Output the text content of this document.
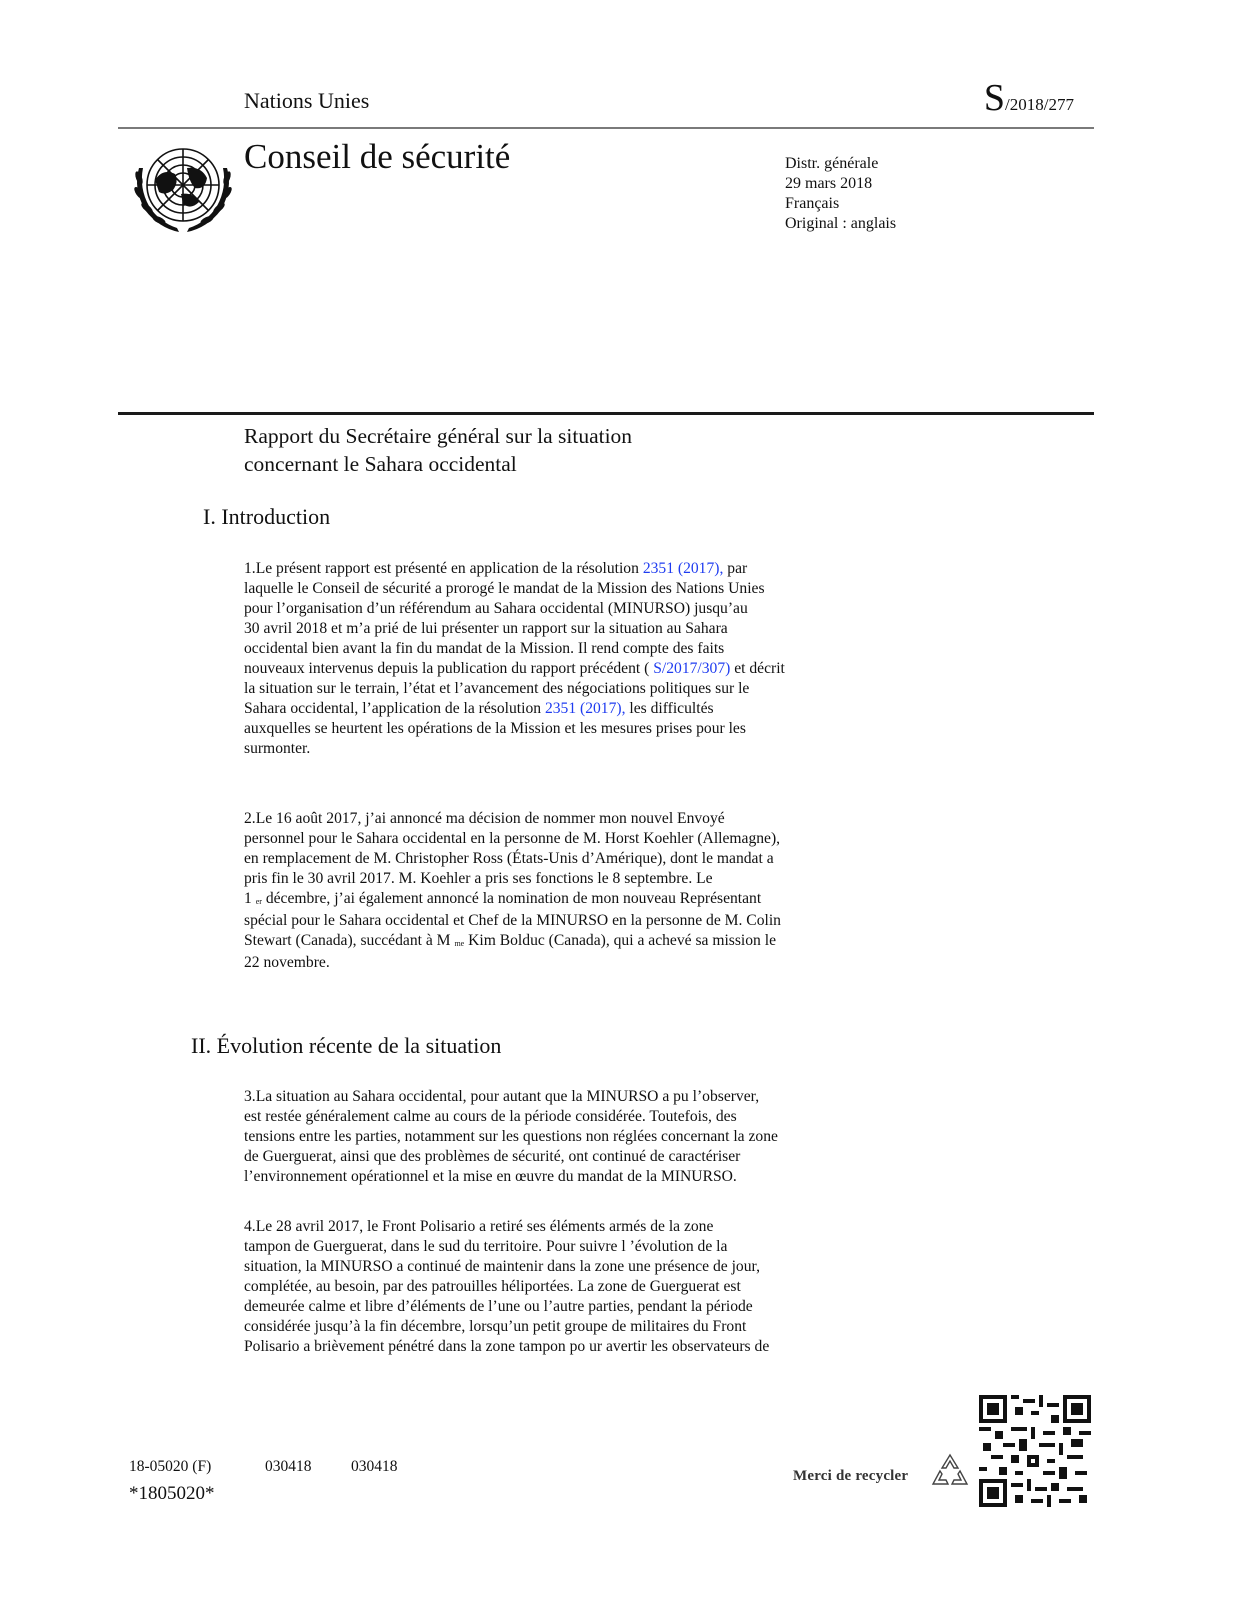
Nations Unies	S/2018/277
Conseil de sécurité	Distr. générale
29 mars 2018
Français
Original : anglais
Rapport du Secrétaire général sur la situation
concernant le Sahara occidental
I. Introduction
1.Le présent rapport est présenté en application de la résolution 2351 (2017), par
laquelle le Conseil de sécurité a prorogé le mandat de la Mission des Nations Unies
pour l’organisation d’un référendum au Sahara occidental (MINURSO) jusqu’au
30 avril 2018 et m’a prié de lui présenter un rapport sur la situation au Sahara
occidental bien avant la fin du mandat de la Mission. Il rend compte des faits
nouveaux intervenus depuis la publication du rapport précédent ( S/2017/307) et décrit
la situation sur le terrain, l’état et l’avancement des négociations politiques sur le
Sahara occidental, l’application de la résolution 2351 (2017), les difficultés
auxquelles se heurtent les opérations de la Mission et les mesures prises pour les
surmonter.
2.Le 16 août 2017, j’ai annoncé ma décision de nommer mon nouvel Envoyé
personnel pour le Sahara occidental en la personne de M. Horst Koehler (Allemagne),
en remplacement de M. Christopher Ross (États-Unis d’Amérique), dont le mandat a
pris fin le 30 avril 2017. M. Koehler a pris ses fonctions le 8 septembre. Le
1 $^{er}$ décembre, j’ai également annoncé la nomination de mon nouveau Représentant
spécial pour le Sahara occidental et Chef de la MINURSO en la personne de M. Colin
Stewart (Canada), succédant à M $^{me}$ Kim Bolduc (Canada), qui a achevé sa mission le
22 novembre.
II. Évolution récente de la situation
3.La situation au Sahara occidental, pour autant que la MINURSO a pu l’observer,
est restée généralement calme au cours de la période considérée. Toutefois, des
tensions entre les parties, notamment sur les questions non réglées concernant la zone
de Guerguerat, ainsi que des problèmes de sécurité, ont continué de caractériser
l’environnement opérationnel et la mise en œuvre du mandat de la MINURSO.
4.Le 28 avril 2017, le Front Polisario a retiré ses éléments armés de la zone
tampon de Guerguerat, dans le sud du territoire. Pour suivre l ’évolution de la
situation, la MINURSO a continué de maintenir dans la zone une présence de jour,
complétée, au besoin, par des patrouilles héliportées. La zone de Guerguerat est
demeurée calme et libre d’éléments de l’une ou l’autre parties, pendant la période
considérée jusqu’à la fin décembre, lorsqu’un petit groupe de militaires du Front
Polisario a brièvement pénétré dans la zone tampon po ur avertir les observateurs de
18-05020 (F)	030418	030418
*1805020*
Merci de recycler
